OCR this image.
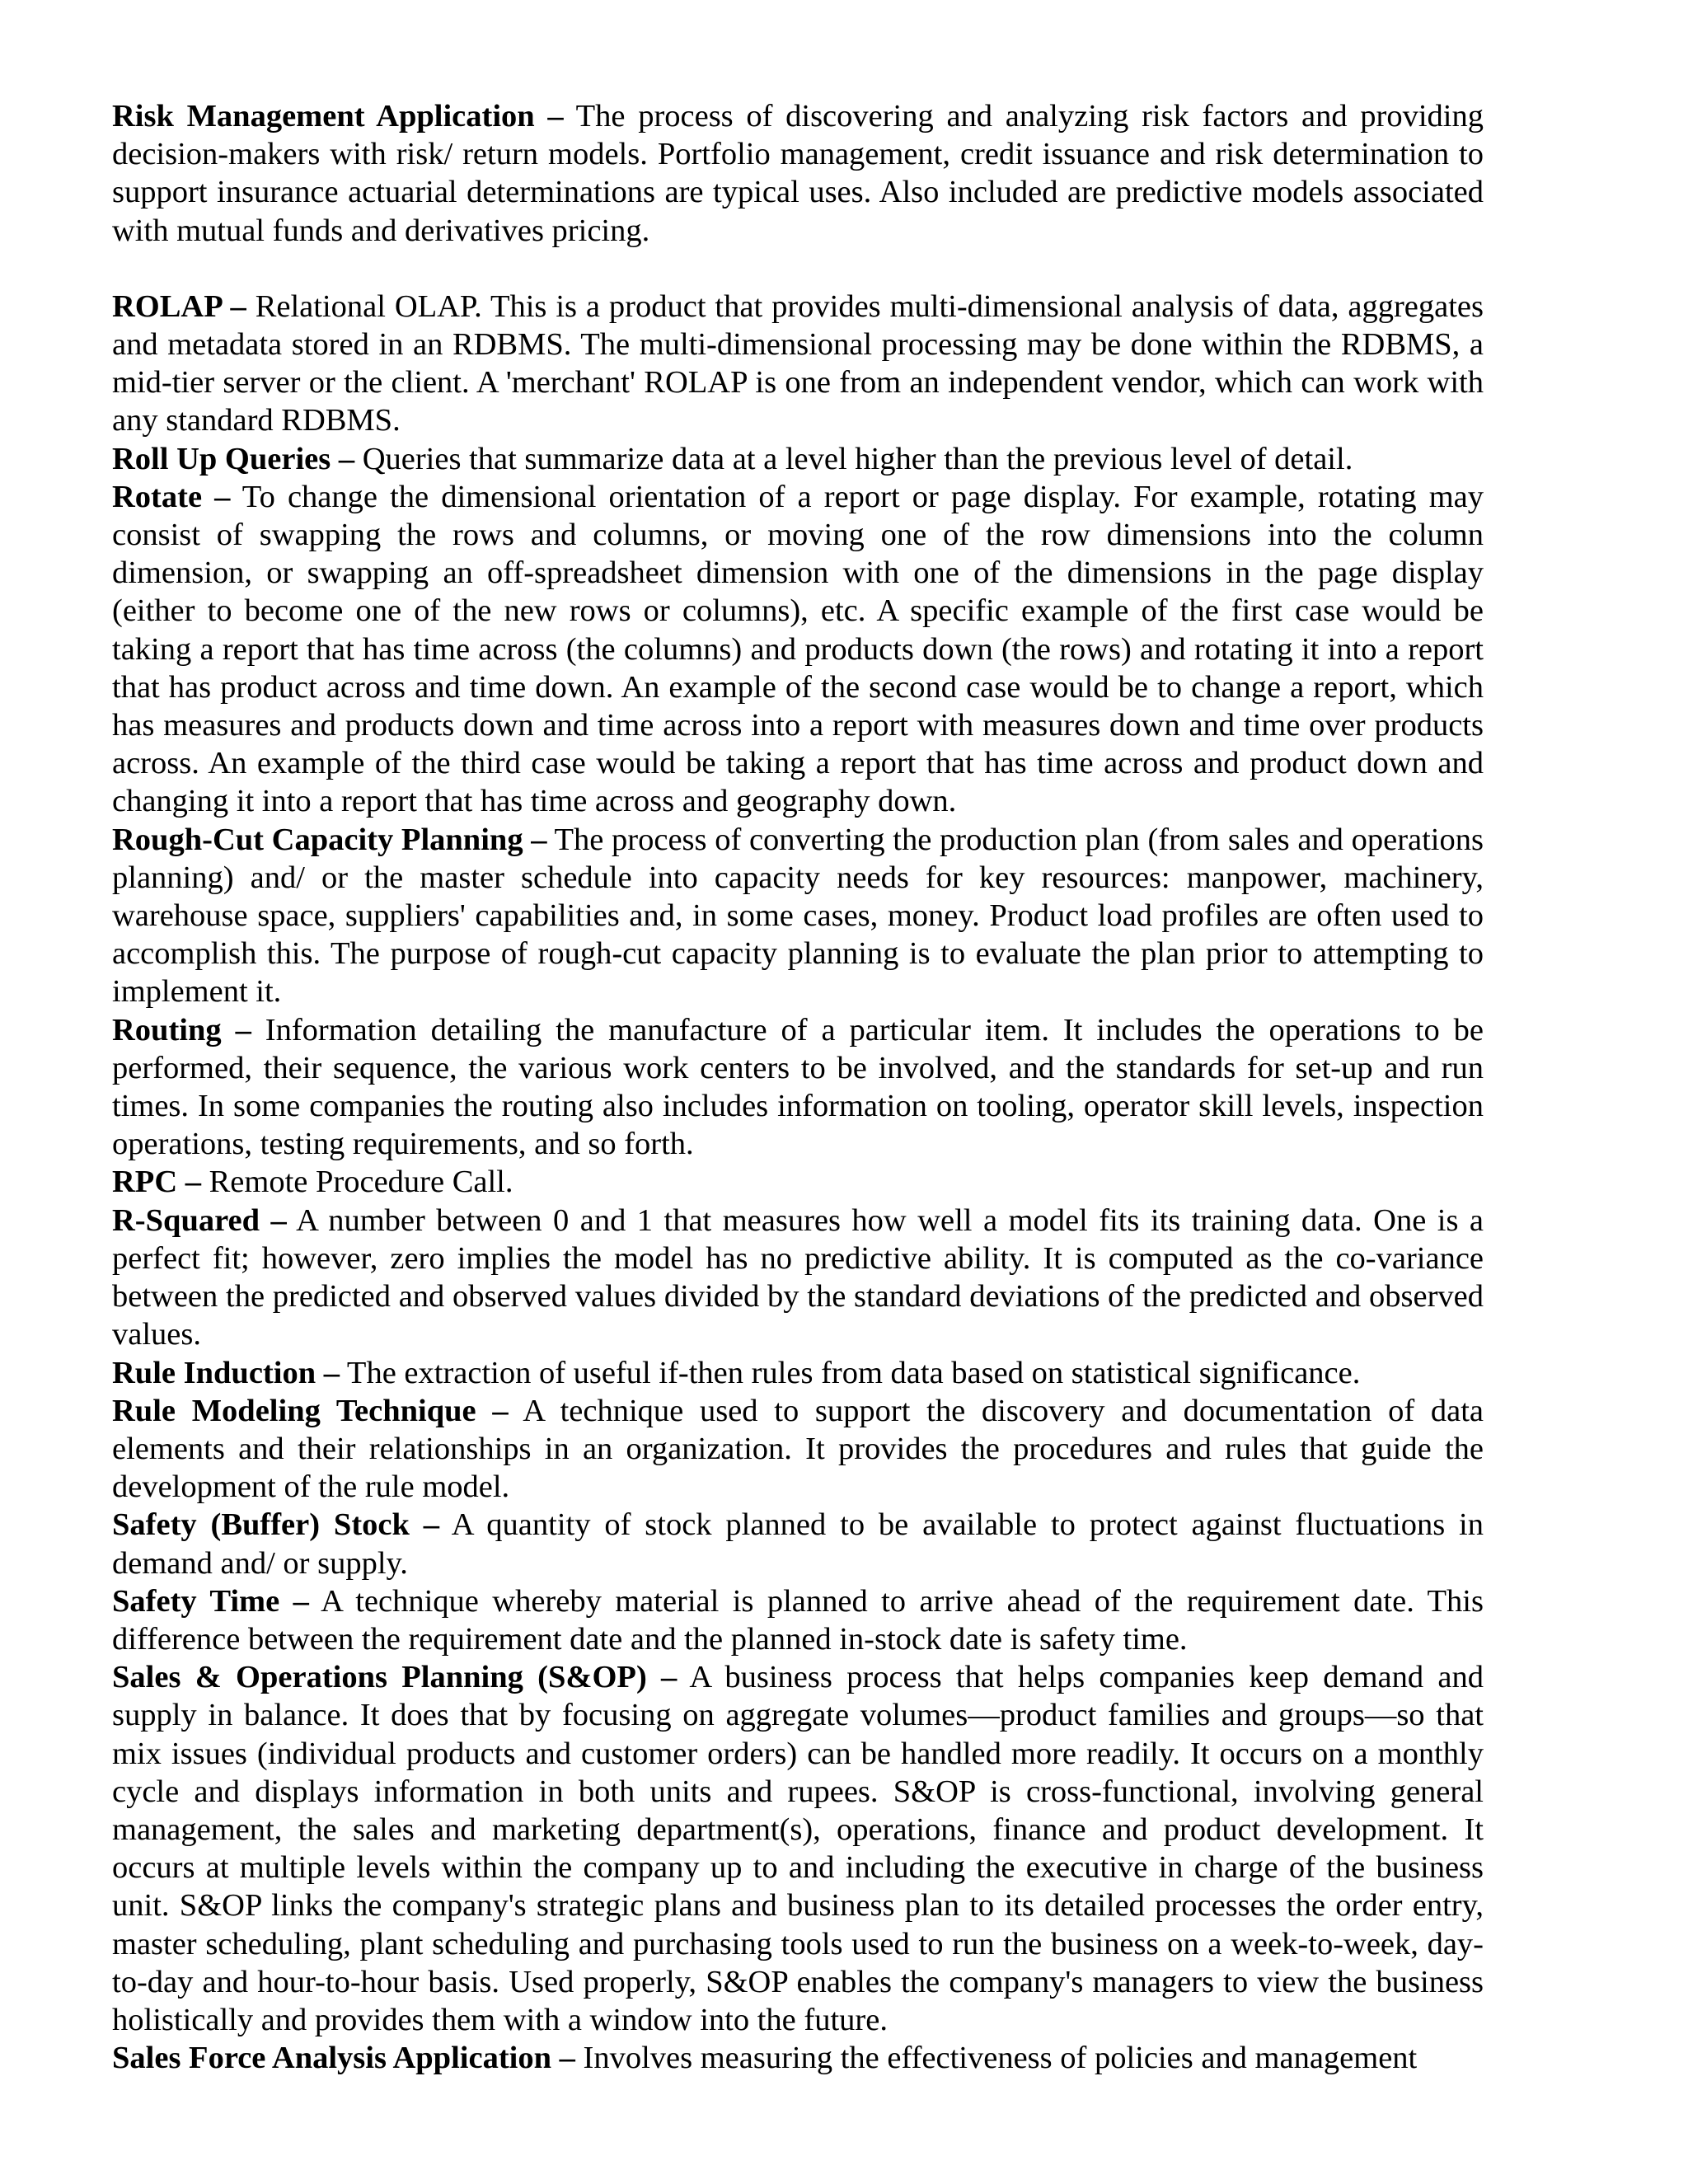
Risk Management Application – The process of discovering and analyzing risk factors and providing decision-makers with risk/ return models. Portfolio management, credit issuance and risk determination to support insurance actuarial determinations are typical uses. Also included are predictive models associated with mutual funds and derivatives pricing.

ROLAP – Relational OLAP. This is a product that provides multi-dimensional analysis of data, aggregates and metadata stored in an RDBMS. The multi-dimensional processing may be done within the RDBMS, a mid-tier server or the client. A 'merchant' ROLAP is one from an independent vendor, which can work with any standard RDBMS.

Roll Up Queries – Queries that summarize data at a level higher than the previous level of detail.

Rotate – To change the dimensional orientation of a report or page display. For example, rotating may consist of swapping the rows and columns, or moving one of the row dimensions into the column dimension, or swapping an off-spreadsheet dimension with one of the dimensions in the page display (either to become one of the new rows or columns), etc. A specific example of the first case would be taking a report that has time across (the columns) and products down (the rows) and rotating it into a report that has product across and time down. An example of the second case would be to change a report, which has measures and products down and time across into a report with measures down and time over products across. An example of the third case would be taking a report that has time across and product down and changing it into a report that has time across and geography down.

Rough-Cut Capacity Planning – The process of converting the production plan (from sales and operations planning) and/ or the master schedule into capacity needs for key resources: manpower, machinery, warehouse space, suppliers' capabilities and, in some cases, money. Product load profiles are often used to accomplish this. The purpose of rough-cut capacity planning is to evaluate the plan prior to attempting to implement it.

Routing – Information detailing the manufacture of a particular item. It includes the operations to be performed, their sequence, the various work centers to be involved, and the standards for set-up and run times. In some companies the routing also includes information on tooling, operator skill levels, inspection operations, testing requirements, and so forth.

RPC – Remote Procedure Call.

R-Squared – A number between 0 and 1 that measures how well a model fits its training data. One is a perfect fit; however, zero implies the model has no predictive ability. It is computed as the co-variance between the predicted and observed values divided by the standard deviations of the predicted and observed values.

Rule Induction – The extraction of useful if-then rules from data based on statistical significance.

Rule Modeling Technique – A technique used to support the discovery and documentation of data elements and their relationships in an organization. It provides the procedures and rules that guide the development of the rule model.

Safety (Buffer) Stock – A quantity of stock planned to be available to protect against fluctuations in demand and/ or supply.

Safety Time – A technique whereby material is planned to arrive ahead of the requirement date. This difference between the requirement date and the planned in-stock date is safety time.

Sales & Operations Planning (S&OP) – A business process that helps companies keep demand and supply in balance. It does that by focusing on aggregate volumes—product families and groups—so that mix issues (individual products and customer orders) can be handled more readily. It occurs on a monthly cycle and displays information in both units and rupees. S&OP is cross-functional, involving general management, the sales and marketing department(s), operations, finance and product development. It occurs at multiple levels within the company up to and including the executive in charge of the business unit. S&OP links the company's strategic plans and business plan to its detailed processes the order entry, master scheduling, plant scheduling and purchasing tools used to run the business on a week-to-week, day-to-day and hour-to-hour basis. Used properly, S&OP enables the company's managers to view the business holistically and provides them with a window into the future.

Sales Force Analysis Application – Involves measuring the effectiveness of policies and management
